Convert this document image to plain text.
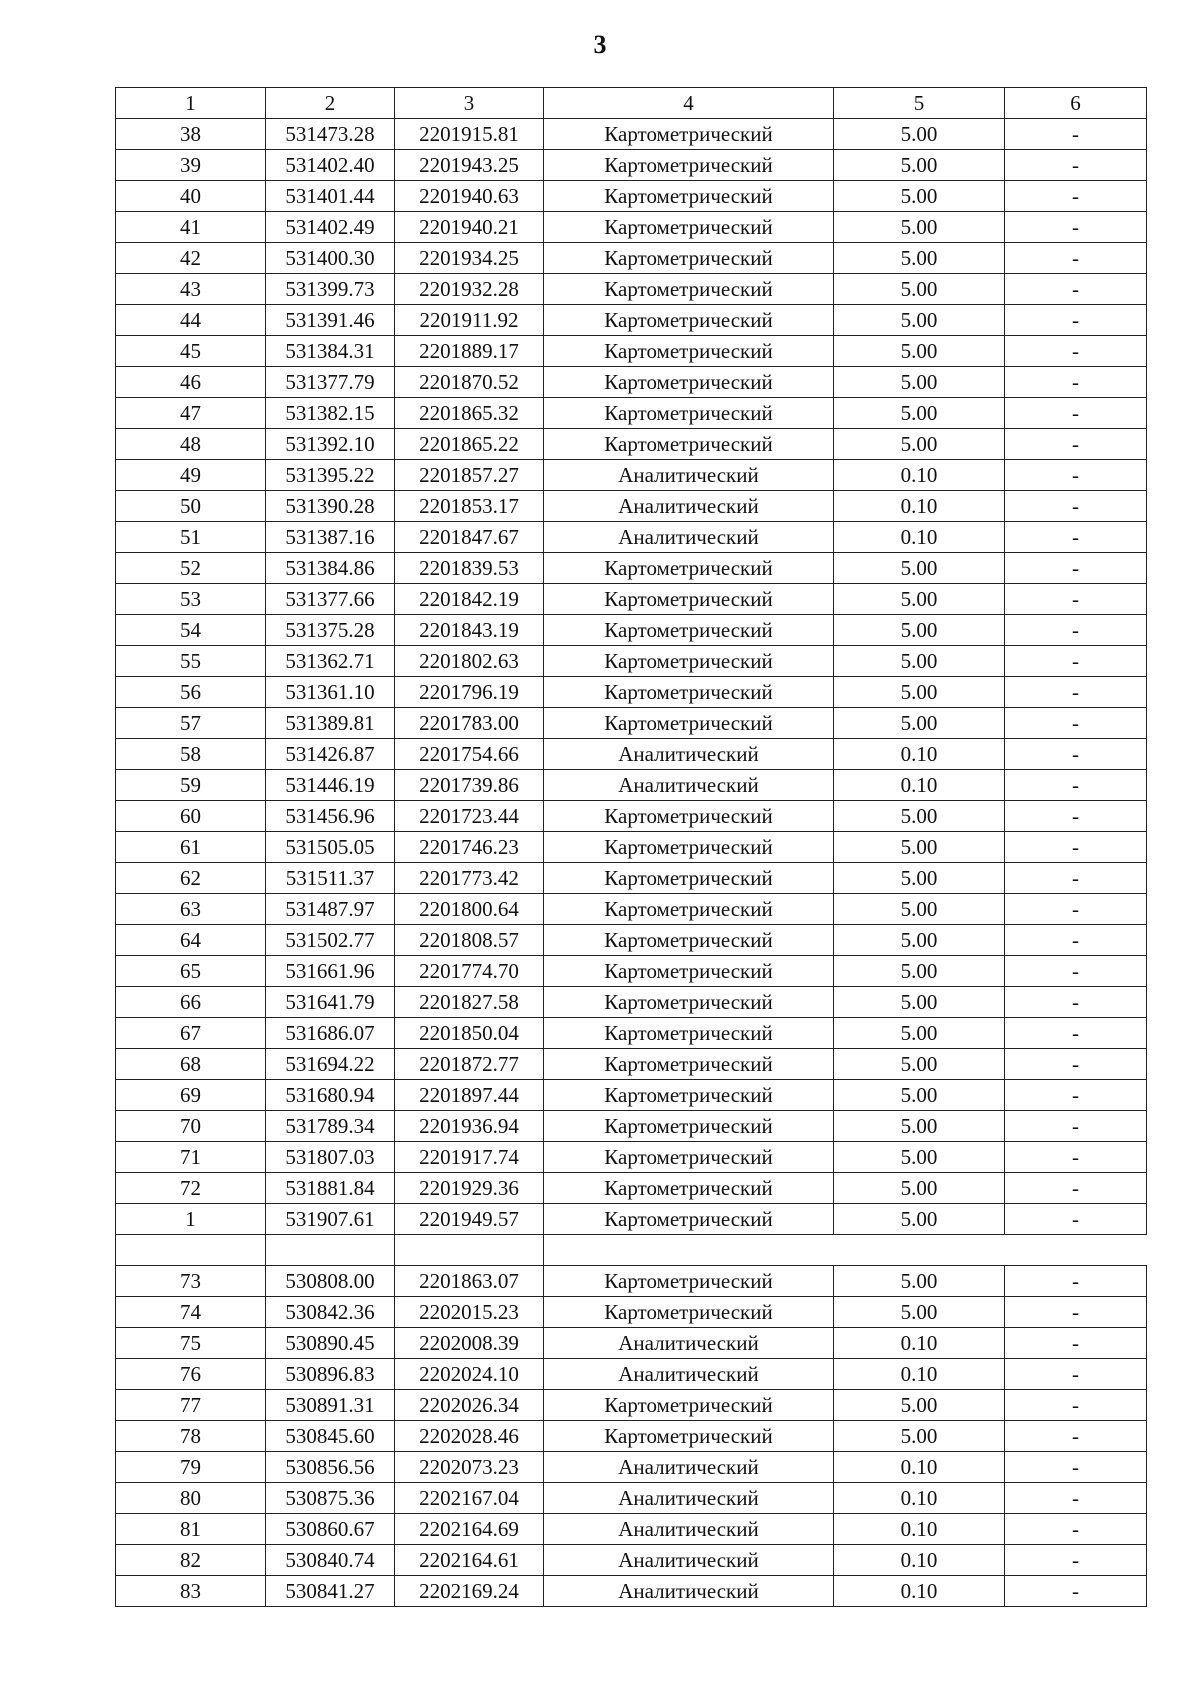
3
1	2	3	4	5	6
38	531473.28	2201915.81	Картометрический	5.00	-
39	531402.40	2201943.25	Картометрический	5.00	-
40	531401.44	2201940.63	Картометрический	5.00	-
41	531402.49	2201940.21	Картометрический	5.00	-
42	531400.30	2201934.25	Картометрический	5.00	-
43	531399.73	2201932.28	Картометрический	5.00	-
44	531391.46	2201911.92	Картометрический	5.00	-
45	531384.31	2201889.17	Картометрический	5.00	-
46	531377.79	2201870.52	Картометрический	5.00	-
47	531382.15	2201865.32	Картометрический	5.00	-
48	531392.10	2201865.22	Картометрический	5.00	-
49	531395.22	2201857.27	Аналитический	0.10	-
50	531390.28	2201853.17	Аналитический	0.10	-
51	531387.16	2201847.67	Аналитический	0.10	-
52	531384.86	2201839.53	Картометрический	5.00	-
53	531377.66	2201842.19	Картометрический	5.00	-
54	531375.28	2201843.19	Картометрический	5.00	-
55	531362.71	2201802.63	Картометрический	5.00	-
56	531361.10	2201796.19	Картометрический	5.00	-
57	531389.81	2201783.00	Картометрический	5.00	-
58	531426.87	2201754.66	Аналитический	0.10	-
59	531446.19	2201739.86	Аналитический	0.10	-
60	531456.96	2201723.44	Картометрический	5.00	-
61	531505.05	2201746.23	Картометрический	5.00	-
62	531511.37	2201773.42	Картометрический	5.00	-
63	531487.97	2201800.64	Картометрический	5.00	-
64	531502.77	2201808.57	Картометрический	5.00	-
65	531661.96	2201774.70	Картометрический	5.00	-
66	531641.79	2201827.58	Картометрический	5.00	-
67	531686.07	2201850.04	Картометрический	5.00	-
68	531694.22	2201872.77	Картометрический	5.00	-
69	531680.94	2201897.44	Картометрический	5.00	-
70	531789.34	2201936.94	Картометрический	5.00	-
71	531807.03	2201917.74	Картометрический	5.00	-
72	531881.84	2201929.36	Картометрический	5.00	-
1	531907.61	2201949.57	Картометрический	5.00	-

73	530808.00	2201863.07	Картометрический	5.00	-
74	530842.36	2202015.23	Картометрический	5.00	-
75	530890.45	2202008.39	Аналитический	0.10	-
76	530896.83	2202024.10	Аналитический	0.10	-
77	530891.31	2202026.34	Картометрический	5.00	-
78	530845.60	2202028.46	Картометрический	5.00	-
79	530856.56	2202073.23	Аналитический	0.10	-
80	530875.36	2202167.04	Аналитический	0.10	-
81	530860.67	2202164.69	Аналитический	0.10	-
82	530840.74	2202164.61	Аналитический	0.10	-
83	530841.27	2202169.24	Аналитический	0.10	-
